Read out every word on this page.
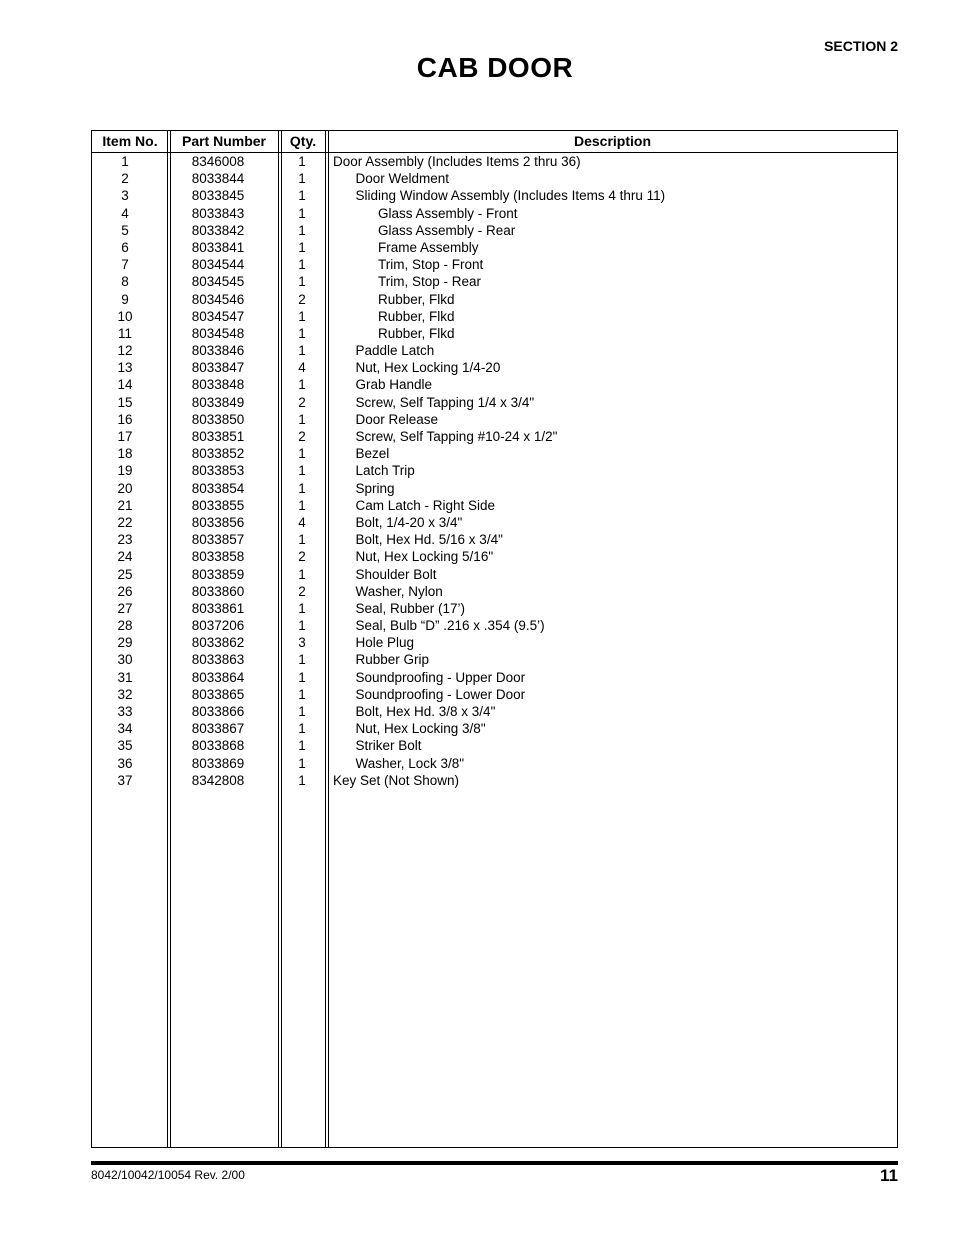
SECTION 2
CAB DOOR
Item No.	Part Number	Qty.	Description
1	8346008	1	Door Assembly (Includes Items 2 thru 36)
2	8033844	1	Door Weldment
3	8033845	1	Sliding Window Assembly (Includes Items 4 thru 11)
4	8033843	1	Glass Assembly - Front
5	8033842	1	Glass Assembly - Rear
6	8033841	1	Frame Assembly
7	8034544	1	Trim, Stop - Front
8	8034545	1	Trim, Stop - Rear
9	8034546	2	Rubber, Flkd
10	8034547	1	Rubber, Flkd
11	8034548	1	Rubber, Flkd
12	8033846	1	Paddle Latch
13	8033847	4	Nut, Hex Locking 1/4-20
14	8033848	1	Grab Handle
15	8033849	2	Screw, Self Tapping 1/4 x 3/4"
16	8033850	1	Door Release
17	8033851	2	Screw, Self Tapping #10-24 x 1/2"
18	8033852	1	Bezel
19	8033853	1	Latch Trip
20	8033854	1	Spring
21	8033855	1	Cam Latch - Right Side
22	8033856	4	Bolt, 1/4-20 x 3/4"
23	8033857	1	Bolt, Hex Hd. 5/16 x 3/4"
24	8033858	2	Nut, Hex Locking 5/16"
25	8033859	1	Shoulder Bolt
26	8033860	2	Washer, Nylon
27	8033861	1	Seal, Rubber (17’)
28	8037206	1	Seal, Bulb “D” .216 x .354 (9.5’)
29	8033862	3	Hole Plug
30	8033863	1	Rubber Grip
31	8033864	1	Soundproofing - Upper Door
32	8033865	1	Soundproofing - Lower Door
33	8033866	1	Bolt, Hex Hd. 3/8 x 3/4"
34	8033867	1	Nut, Hex Locking 3/8"
35	8033868	1	Striker Bolt
36	8033869	1	Washer, Lock 3/8"
37	8342808	1	Key Set (Not Shown)
8042/10042/10054 Rev. 2/00	11
